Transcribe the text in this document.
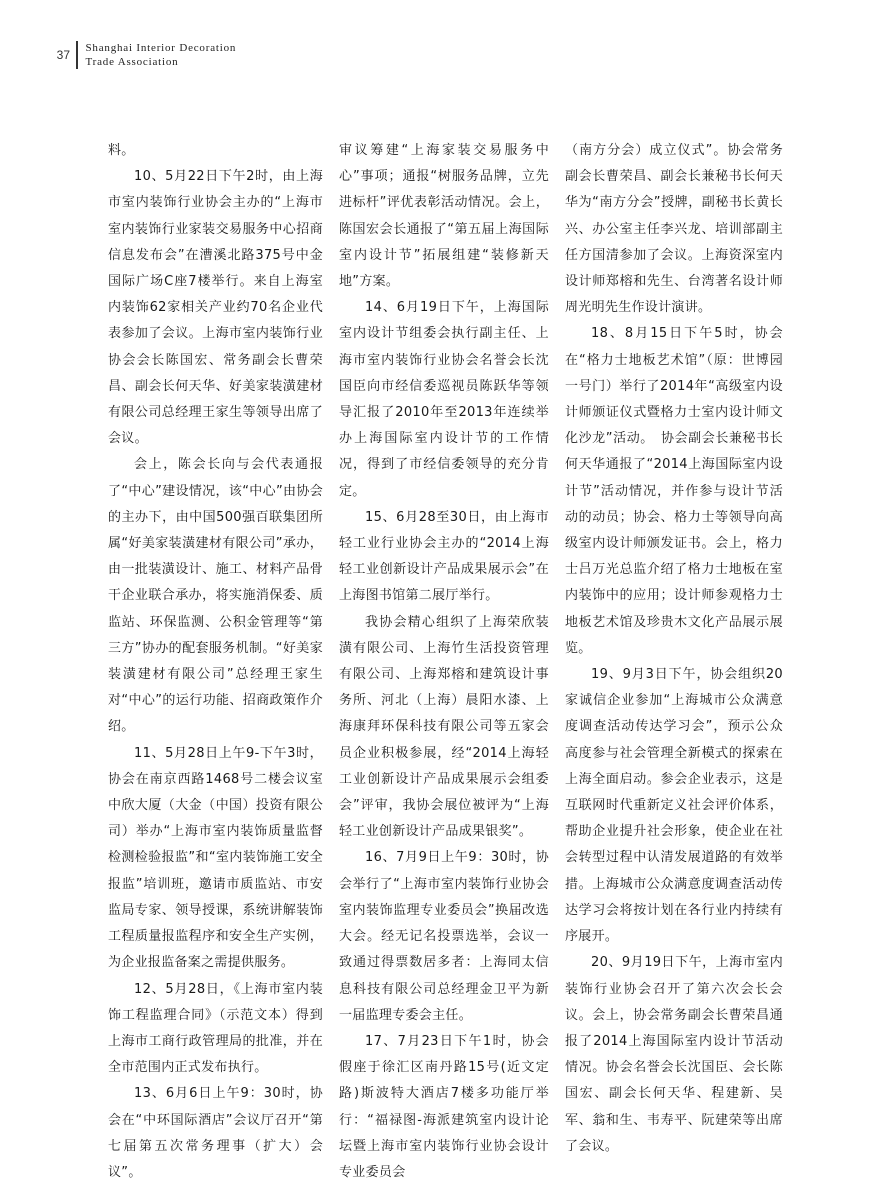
37	Shanghai Interior Decoration
Trade Association

料。

10、5月22日下午2时，由上海市室内装饰行业协会主办的“上海市室内装饰行业家装交易服务中心招商信息发布会”在漕溪北路375号中金国际广场C座7楼举行。来自上海室内装饰62家相关产业约70名企业代表参加了会议。上海市室内装饰行业协会会长陈国宏、常务副会长曹荣昌、副会长何天华、好美家装潢建材有限公司总经理王家生等领导出席了会议。

会上，陈会长向与会代表通报了“中心”建设情况，该“中心”由协会的主办下，由中国500强百联集团所属“好美家装潢建材有限公司”承办，由一批装潢设计、施工、材料产品骨干企业联合承办，将实施消保委、质监站、环保监测、公积金管理等“第三方”协办的配套服务机制。“好美家装潢建材有限公司”总经理王家生对“中心”的运行功能、招商政策作介绍。

11、5月28日上午9-下午3时，协会在南京西路1468号二楼会议室中欣大厦（大金（中国）投资有限公司）举办“上海市室内装饰质量监督检测检验报监”和“室内装饰施工安全报监”培训班，邀请市质监站、市安监局专家、领导授课，系统讲解装饰工程质量报监程序和安全生产实例，为企业报监备案之需提供服务。

12、5月28日，《上海市室内装饰工程监理合同》（示范文本）得到上海市工商行政管理局的批准，并在全市范围内正式发布执行。

13、6月6日上午9：30时，协会在“中环国际酒店”会议厅召开“第七届第五次常务理事（扩大）会议”。

审议筹建“上海家装交易服务中心”事项；通报“树服务品牌，立先进标杆”评优表彰活动情况。会上，陈国宏会长通报了“第五届上海国际室内设计节”拓展组建“装修新天地”方案。

14、6月19日下午，上海国际室内设计节组委会执行副主任、上海市室内装饰行业协会名誉会长沈国臣向市经信委巡视员陈跃华等领导汇报了2010年至2013年连续举办上海国际室内设计节的工作情况，得到了市经信委领导的充分肯定。

15、6月28至30日，由上海市轻工业行业协会主办的“2014上海轻工业创新设计产品成果展示会”在上海图书馆第二展厅举行。

我协会精心组织了上海荣欣装潢有限公司、上海竹生活投资管理有限公司、上海郑榕和建筑设计事务所、河北（上海）晨阳水漆、上海康拜环保科技有限公司等五家会员企业积极参展，经“2014上海轻工业创新设计产品成果展示会组委会”评审，我协会展位被评为“上海轻工业创新设计产品成果银奖”。

16、7月9日上午9：30时，协会举行了“上海市室内装饰行业协会室内装饰监理专业委员会”换届改选大会。经无记名投票选举，会议一致通过得票数居多者：上海同太信息科技有限公司总经理金卫平为新一届监理专委会主任。

17、7月23日下午1时，协会假座于徐汇区南丹路15号(近文定路)斯波特大酒店7楼多功能厅举行：“福禄图-海派建筑室内设计论坛暨上海市室内装饰行业协会设计专业委员会

（南方分会）成立仪式”。协会常务副会长曹荣昌、副会长兼秘书长何天华为“南方分会”授牌，副秘书长黄长兴、办公室主任李兴龙、培训部副主任方国清参加了会议。上海资深室内设计师郑榕和先生、台湾著名设计师周光明先生作设计演讲。

18、8月15日下午5时，协会在“格力士地板艺术馆”（原：世博园一号门）举行了2014年“高级室内设计师颁证仪式暨格力士室内设计师文化沙龙”活动。　协会副会长兼秘书长何天华通报了“2014上海国际室内设计节”活动情况，并作参与设计节活动的动员；协会、格力士等领导向高级室内设计师颁发证书。会上，格力士吕万光总监介绍了格力士地板在室内装饰中的应用；设计师参观格力士地板艺术馆及珍贵木文化产品展示展览。

19、9月3日下午，协会组织20家诚信企业参加“上海城市公众满意度调查活动传达学习会”，预示公众高度参与社会管理全新模式的探索在上海全面启动。参会企业表示，这是互联网时代重新定义社会评价体系，帮助企业提升社会形象，使企业在社会转型过程中认清发展道路的有效举措。上海城市公众满意度调查活动传达学习会将按计划在各行业内持续有序展开。

20、9月19日下午，上海市室内装饰行业协会召开了第六次会长会议。会上，协会常务副会长曹荣昌通报了2014上海国际室内设计节活动情况。协会名誉会长沈国臣、会长陈国宏、副会长何天华、程建新、吴军、翁和生、韦寿平、阮建荣等出席了会议。
